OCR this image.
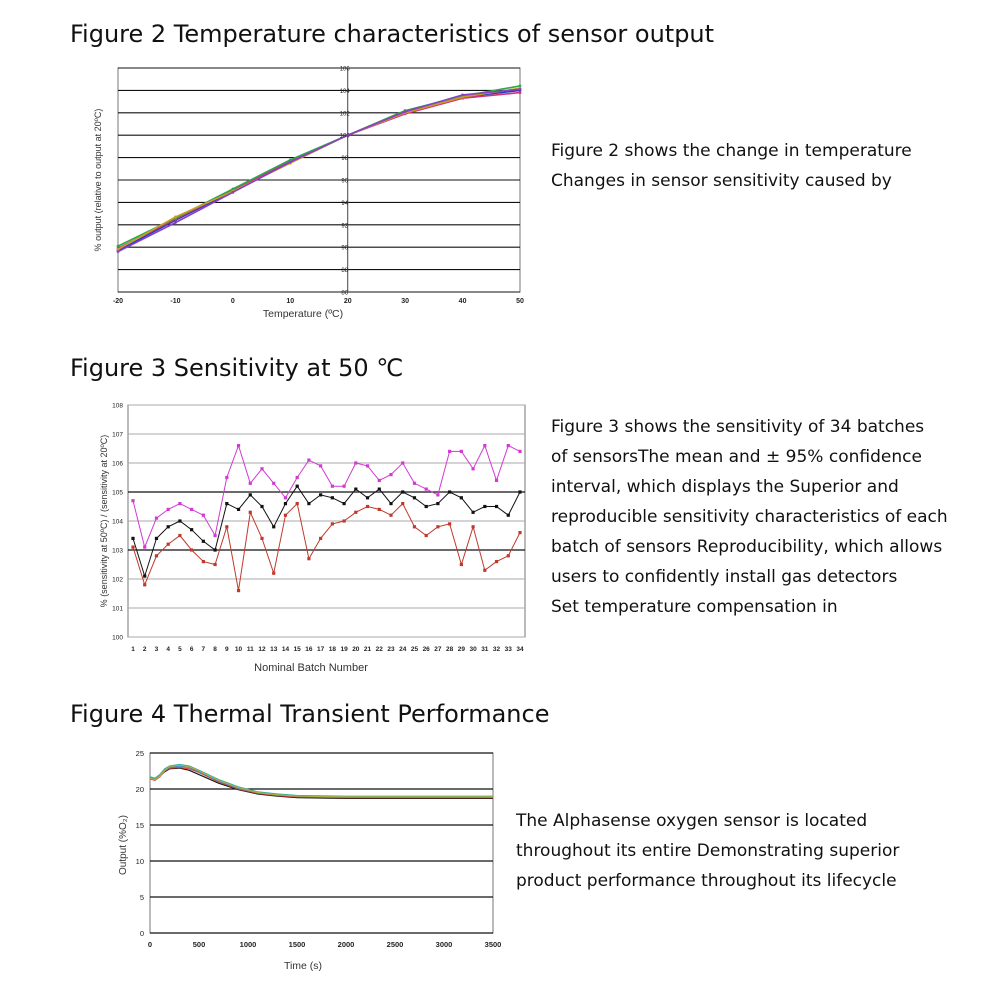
Figure 2 Temperature characteristics of sensor output
Figure 3 Sensitivity at 50 ℃
Figure 4 Thermal Transient Performance
Figure 2 shows the change in temperature
Changes in sensor sensitivity caused by
Figure 3 shows the sensitivity of 34 batches
of sensorsThe mean and ± 95% confidence
interval, which displays the Superior and
reproducible sensitivity characteristics of each
batch of sensors Reproducibility, which allows
users to confidently install gas detectors
Set temperature compensation in
The Alphasense oxygen sensor is located
throughout its entire Demonstrating superior
product performance throughout its lifecycle
86
88
90
92
94
96
98
100
102
104
106
-20	-10	0	10	20	30	40	50
Temperature (ºC)
% output (relative to output at 20ºC)
100
101
102
103
104
105
106
107
108
1 2 3 4 5 6 7 8 9 10 11 12 13 14 15 16 17 18 19 20 21 22 23 24 25 26 27 28 29 30 31 32 33 34
Nominal Batch Number
% (sensitivity at 50ºC) / (sensitivity at 20ºC)
0
5
10
15
20
25
0	500	1000	1500	2000	2500	3000	3500
Time (s)
Output (%O₂)
